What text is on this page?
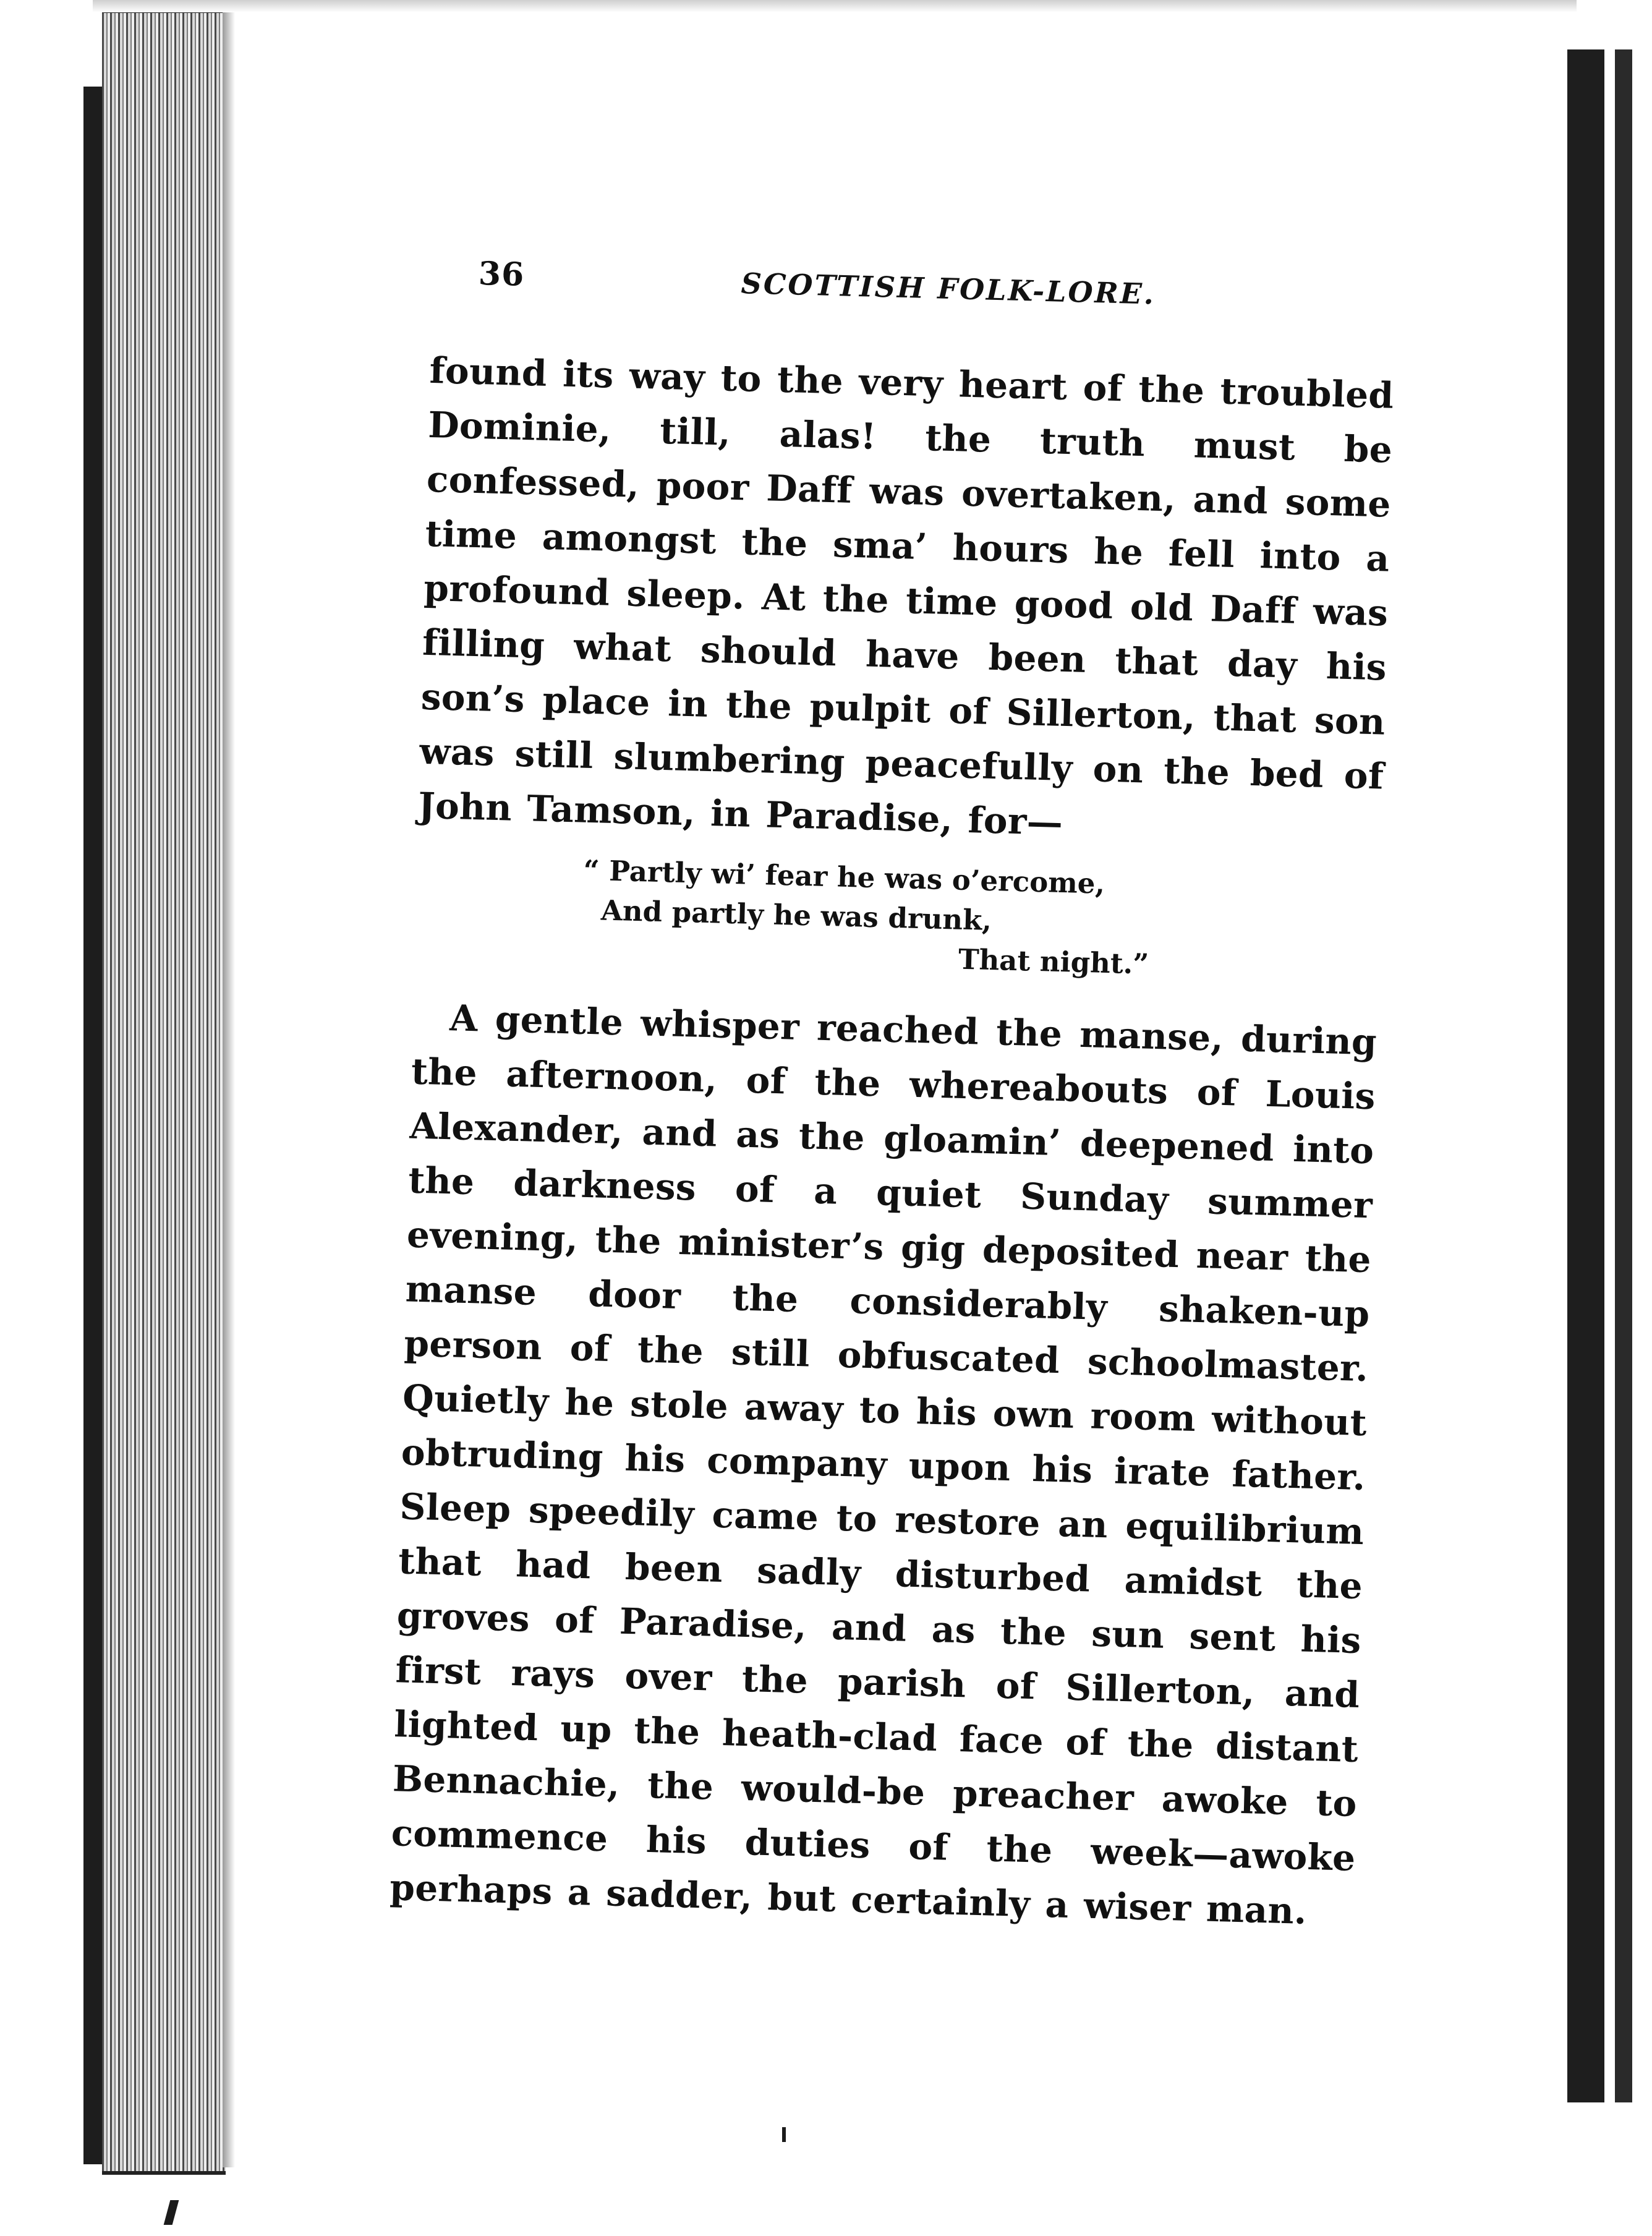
36	SCOTTISH FOLK-LORE.

found its way to the very heart of the troubled Dominie, till, alas! the truth must be confessed, poor Daff was overtaken, and some time amongst the sma’ hours he fell into a profound sleep. At the time good old Daff was filling what should have been that day his son’s place in the pulpit of Sillerton, that son was still slumbering peacefully on the bed of John Tamson, in Paradise, for—

“ Partly wi’ fear he was o’ercome,
And partly he was drunk,
That night.”

A gentle whisper reached the manse, during the afternoon, of the whereabouts of Louis Alexander, and as the gloamin’ deepened into the darkness of a quiet Sunday summer evening, the minister’s gig deposited near the manse door the considerably shaken-up person of the still obfuscated schoolmaster. Quietly he stole away to his own room without obtruding his company upon his irate father. Sleep speedily came to restore an equilibrium that had been sadly disturbed amidst the groves of Paradise, and as the sun sent his first rays over the parish of Sillerton, and lighted up the heath-clad face of the distant Bennachie, the would-be preacher awoke to commence his duties of the week—awoke perhaps a sadder, but certainly a wiser man.
